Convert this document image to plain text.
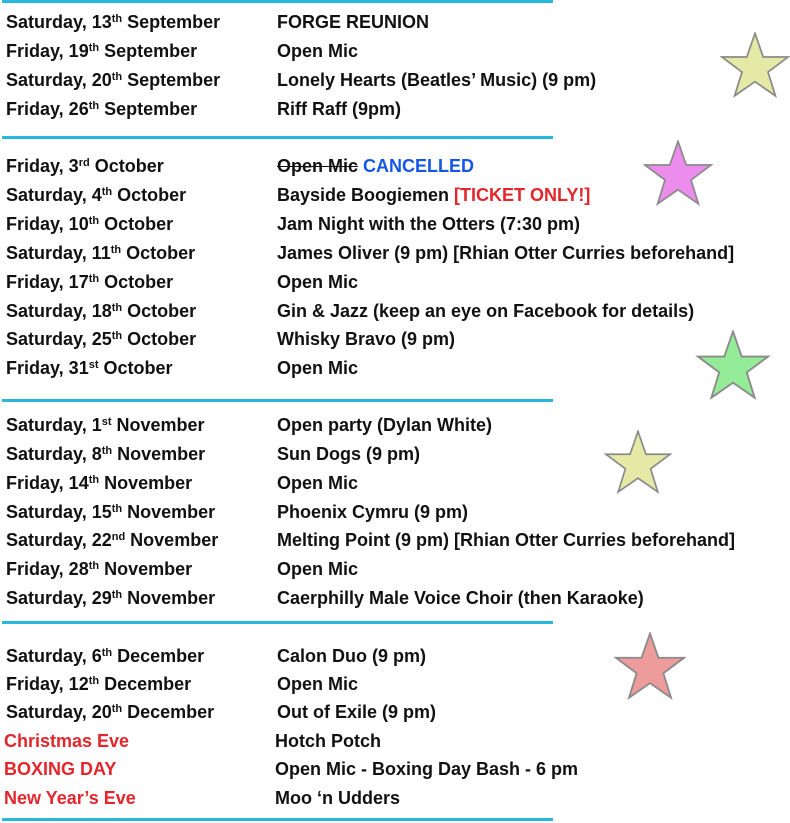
Saturday, 13th September	FORGE REUNION
Friday, 19th September	Open Mic
Saturday, 20th September	Lonely Hearts (Beatles’ Music) (9 pm)
Friday, 26th September	Riff Raff (9pm)
Friday, 3rd October	Open Mic CANCELLED
Saturday, 4th October	Bayside Boogiemen [TICKET ONLY!]
Friday, 10th October	Jam Night with the Otters (7:30 pm)
Saturday, 11th October	James Oliver (9 pm) [Rhian Otter Curries beforehand]
Friday, 17th October	Open Mic
Saturday, 18th October	Gin & Jazz (keep an eye on Facebook for details)
Saturday, 25th October	Whisky Bravo (9 pm)
Friday, 31st October	Open Mic
Saturday, 1st November	Open party (Dylan White)
Saturday, 8th November	Sun Dogs (9 pm)
Friday, 14th November	Open Mic
Saturday, 15th November	Phoenix Cymru (9 pm)
Saturday, 22nd November	Melting Point (9 pm) [Rhian Otter Curries beforehand]
Friday, 28th November	Open Mic
Saturday, 29th November	Caerphilly Male Voice Choir (then Karaoke)
Saturday, 6th December	Calon Duo (9 pm)
Friday, 12th December	Open Mic
Saturday, 20th December	Out of Exile (9 pm)
Christmas Eve	Hotch Potch
BOXING DAY	Open Mic - Boxing Day Bash - 6 pm
New Year’s Eve	Moo ‘n Udders
